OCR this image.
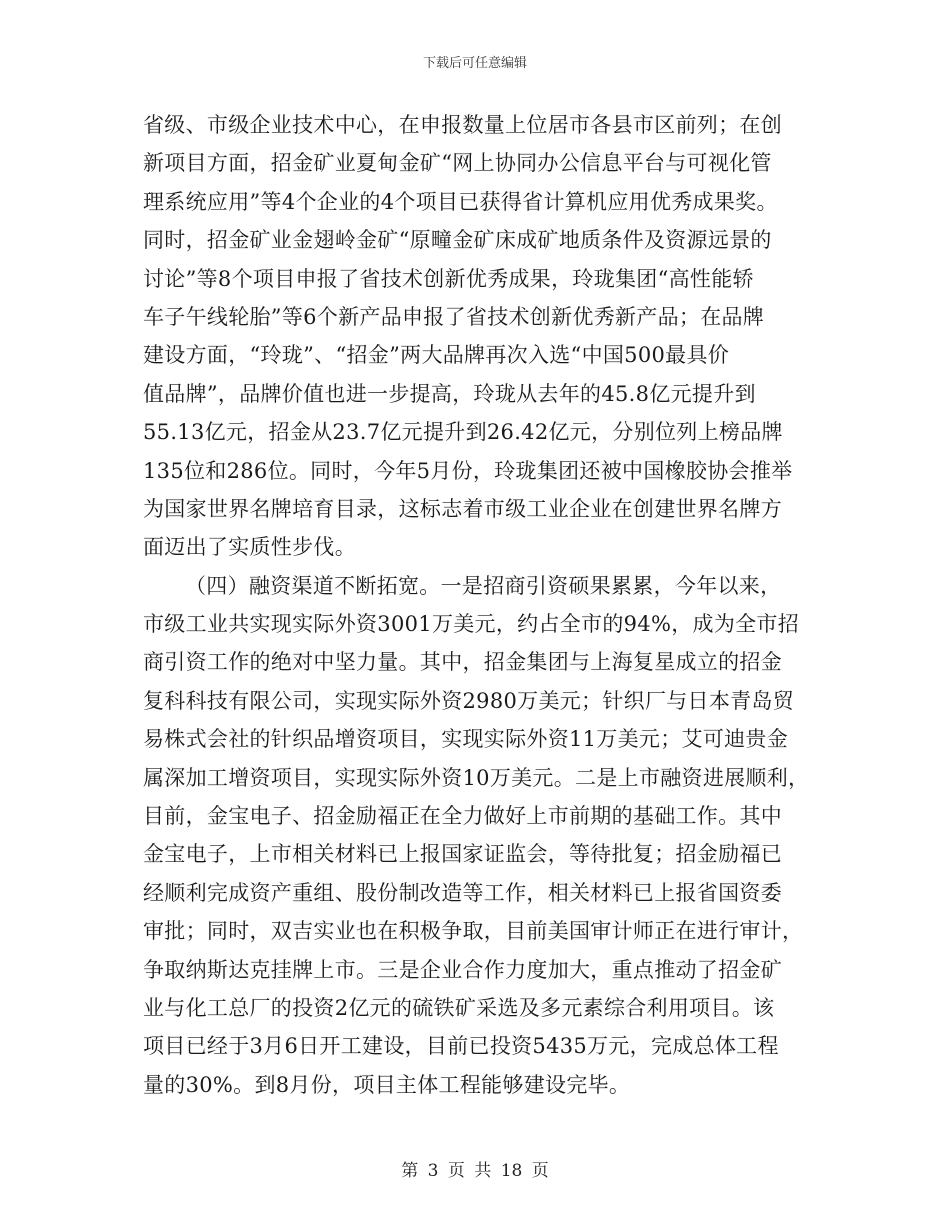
下载后可任意编辑
省级、市级企业技术中心，在申报数量上位居市各县市区前列；在创
新项目方面，招金矿业夏甸金矿“网上协同办公信息平台与可视化管
理系统应用”等4个企业的4个项目已获得省计算机应用优秀成果奖。
同时，招金矿业金翅岭金矿“原疃金矿床成矿地质条件及资源远景的
讨论”等8个项目申报了省技术创新优秀成果，玲珑集团“高性能轿
车子午线轮胎”等6个新产品申报了省技术创新优秀新产品；在品牌
建设方面，“玲珑”、“招金”两大品牌再次入选“中国500最具价
值品牌”，品牌价值也进一步提高，玲珑从去年的45.8亿元提升到
55.13亿元，招金从23.7亿元提升到26.42亿元，分别位列上榜品牌
135位和286位。同时，今年5月份，玲珑集团还被中国橡胶协会推举
为国家世界名牌培育目录，这标志着市级工业企业在创建世界名牌方
面迈出了实质性步伐。
（四）融资渠道不断拓宽。一是招商引资硕果累累，今年以来，
市级工业共实现实际外资3001万美元，约占全市的94%，成为全市招
商引资工作的绝对中坚力量。其中，招金集团与上海复星成立的招金
复科科技有限公司，实现实际外资2980万美元；针织厂与日本青岛贸
易株式会社的针织品增资项目，实现实际外资11万美元；艾可迪贵金
属深加工增资项目，实现实际外资10万美元。二是上市融资进展顺利，
目前，金宝电子、招金励福正在全力做好上市前期的基础工作。其中
金宝电子，上市相关材料已上报国家证监会，等待批复；招金励福已
经顺利完成资产重组、股份制改造等工作，相关材料已上报省国资委
审批；同时，双吉实业也在积极争取，目前美国审计师正在进行审计，
争取纳斯达克挂牌上市。三是企业合作力度加大，重点推动了招金矿
业与化工总厂的投资2亿元的硫铁矿采选及多元素综合利用项目。该
项目已经于3月6日开工建设，目前已投资5435万元，完成总体工程
量的30%。到8月份，项目主体工程能够建设完毕。
第 3 页 共 18 页
